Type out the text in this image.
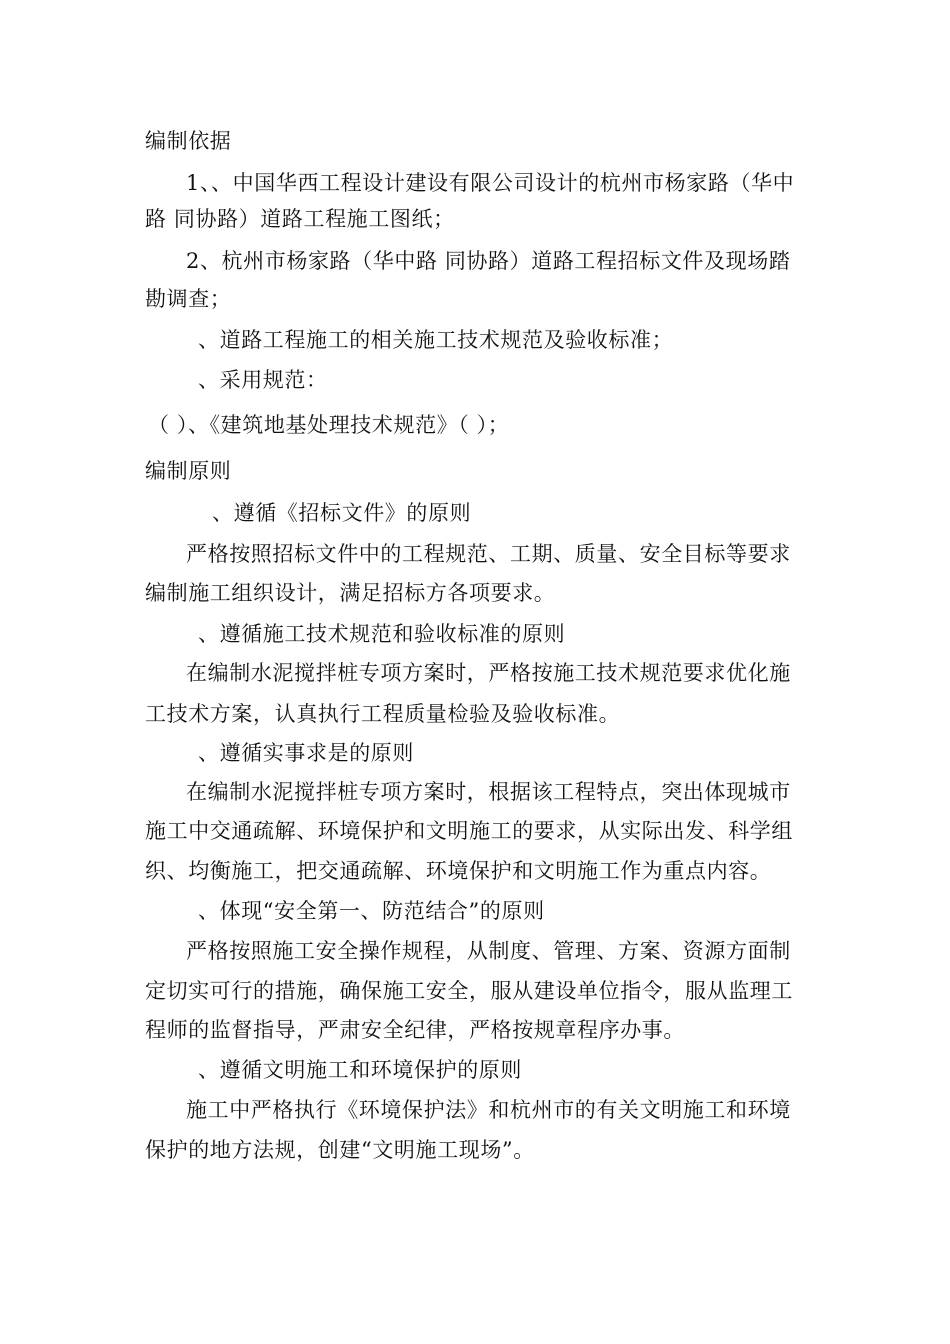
编制依据
1、、中国华西工程设计建设有限公司设计的杭州市杨家路（华中
路 同协路）道路工程施工图纸；
2、杭州市杨家路（华中路 同协路）道路工程招标文件及现场踏
勘调查；
、道路工程施工的相关施工技术规范及验收标准；
、采用规范：
（ ）、《建筑地基处理技术规范》（ ）；
编制原则
、遵循《招标文件》的原则
严格按照招标文件中的工程规范、工期、质量、安全目标等要求
编制施工组织设计，满足招标方各项要求。
、遵循施工技术规范和验收标准的原则
在编制水泥搅拌桩专项方案时，严格按施工技术规范要求优化施
工技术方案，认真执行工程质量检验及验收标准。
、遵循实事求是的原则
在编制水泥搅拌桩专项方案时，根据该工程特点，突出体现城市
施工中交通疏解、环境保护和文明施工的要求，从实际出发、科学组
织、均衡施工，把交通疏解、环境保护和文明施工作为重点内容。
、体现“安全第一、防范结合”的原则
严格按照施工安全操作规程，从制度、管理、方案、资源方面制
定切实可行的措施，确保施工安全，服从建设单位指令，服从监理工
程师的监督指导，严肃安全纪律，严格按规章程序办事。
、遵循文明施工和环境保护的原则
施工中严格执行《环境保护法》和杭州市的有关文明施工和环境
保护的地方法规，创建“文明施工现场”。
